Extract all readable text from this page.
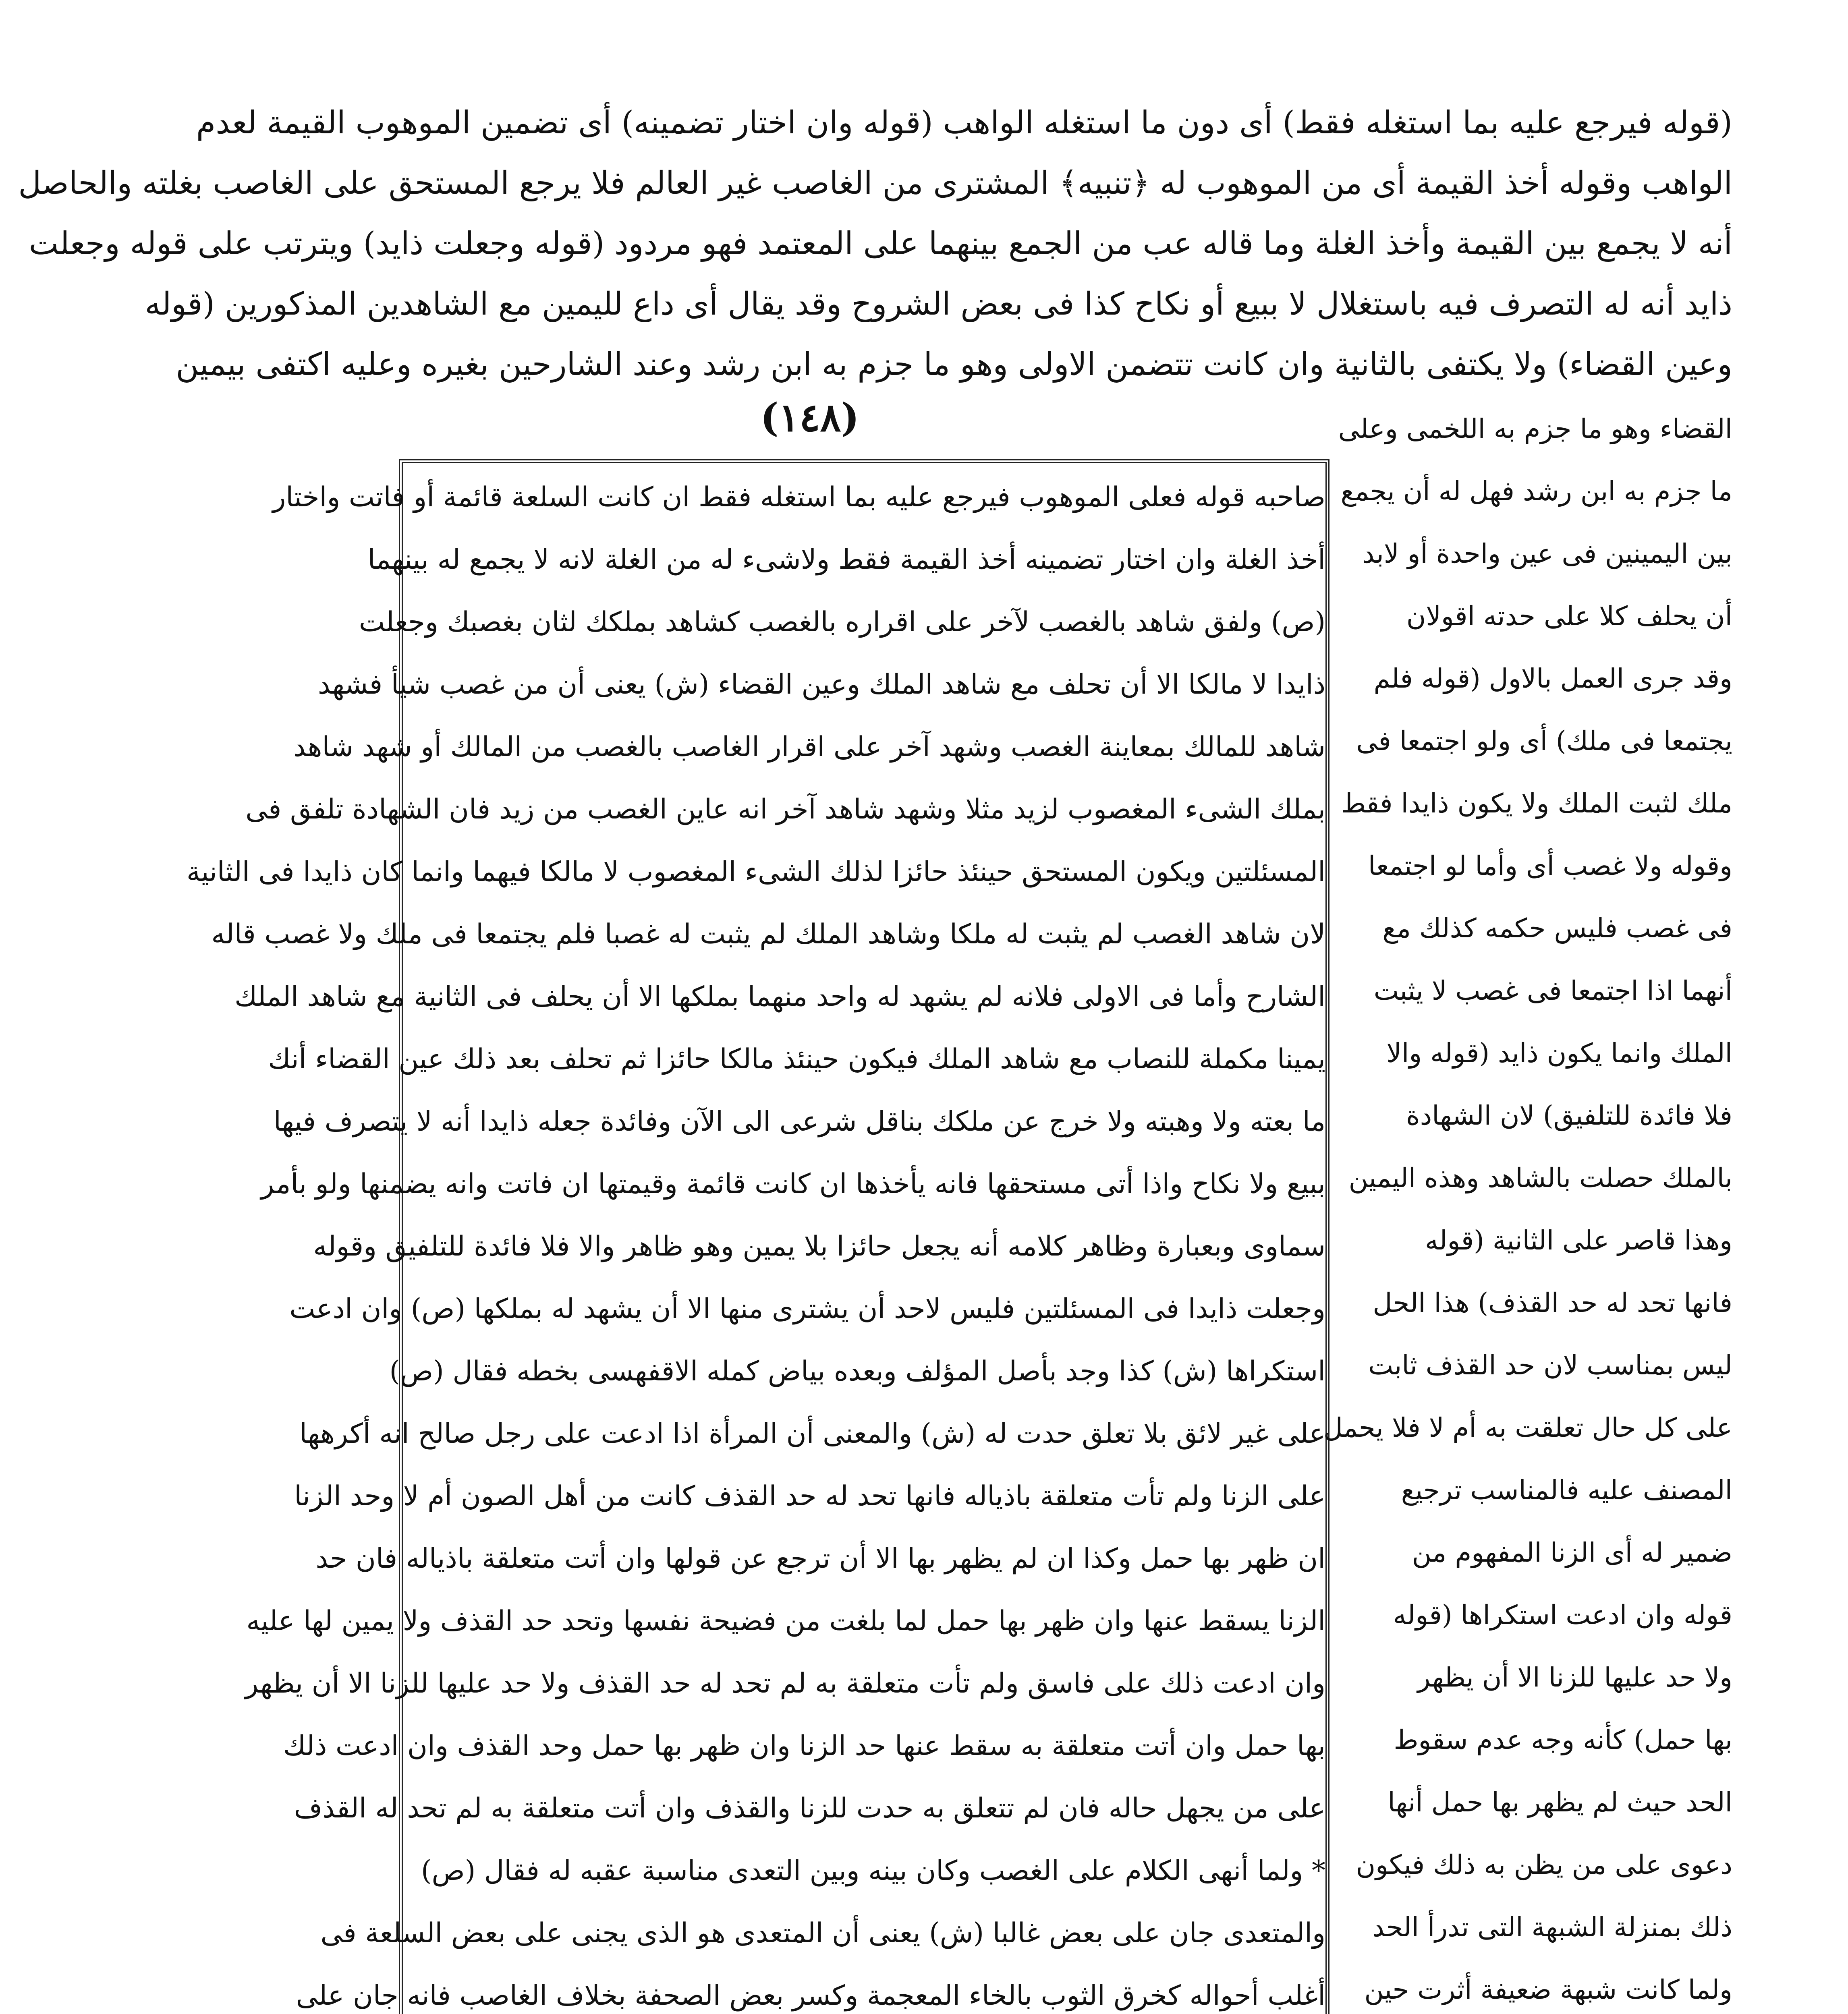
(قوله فيرجع عليه بما استغله فقط) أى دون ما استغله الواهب (قوله وان اختار تضمينه) أى تضمين الموهوب القيمة لعدم
الواهب وقوله أخذ القيمة أى من الموهوب له ﴿تنبيه﴾ المشترى من الغاصب غير العالم فلا يرجع المستحق على الغاصب بغلته والحاصل
أنه لا يجمع بين القيمة وأخذ الغلة وما قاله عب من الجمع بينهما على المعتمد فهو مردود (قوله وجعلت ذايد) ويترتب على قوله وجعلت
ذايد أنه له التصرف فيه باستغلال لا ببيع أو نكاح كذا فى بعض الشروح وقد يقال أى داع لليمين مع الشاهدين المذكورين (قوله
وعين القضاء) ولا يكتفى بالثانية وان كانت تتضمن الاولى وهو ما جزم به ابن رشد وعند الشارحين بغيره وعليه اكتفى بيمين
(١٤٨)
صاحبه قوله فعلى الموهوب فيرجع عليه بما استغله فقط ان كانت السلعة قائمة أو فاتت واختار
أخذ الغلة وان اختار تضمينه أخذ القيمة فقط ولاشىء له من الغلة لانه لا يجمع له بينهما
(ص) ولفق شاهد بالغصب لآخر على اقراره بالغصب كشاهد بملكك لثان بغصبك وجعلت
ذايدا لا مالكا الا أن تحلف مع شاهد الملك وعين القضاء (ش) يعنى أن من غصب شيأ فشهد
شاهد للمالك بمعاينة الغصب وشهد آخر على اقرار الغاصب بالغصب من المالك أو شهد شاهد
بملك الشىء المغصوب لزيد مثلا وشهد شاهد آخر انه عاين الغصب من زيد فان الشهادة تلفق فى
المسئلتين ويكون المستحق حينئذ حائزا لذلك الشىء المغصوب لا مالكا فيهما وانما كان ذايدا فى الثانية
لان شاهد الغصب لم يثبت له ملكا وشاهد الملك لم يثبت له غصبا فلم يجتمعا فى ملك ولا غصب قاله
الشارح وأما فى الاولى فلانه لم يشهد له واحد منهما بملكها الا أن يحلف فى الثانية مع شاهد الملك
يمينا مكملة للنصاب مع شاهد الملك فيكون حينئذ مالكا حائزا ثم تحلف بعد ذلك عين القضاء أنك
ما بعته ولا وهبته ولا خرج عن ملكك بناقل شرعى الى الآن وفائدة جعله ذايدا أنه لا يتصرف فيها
ببيع ولا نكاح واذا أتى مستحقها فانه يأخذها ان كانت قائمة وقيمتها ان فاتت وانه يضمنها ولو بأمر
سماوى وبعبارة وظاهر كلامه أنه يجعل حائزا بلا يمين وهو ظاهر والا فلا فائدة للتلفيق وقوله
وجعلت ذايدا فى المسئلتين فليس لاحد أن يشترى منها الا أن يشهد له بملكها (ص) وان ادعت
استكراها (ش) كذا وجد بأصل المؤلف وبعده بياض كمله الاقفهسى بخطه فقال (ص)
على غير لائق بلا تعلق حدت له (ش) والمعنى أن المرأة اذا ادعت على رجل صالح انه أكرهها
على الزنا ولم تأت متعلقة باذياله فانها تحد له حد القذف كانت من أهل الصون أم لا وحد الزنا
ان ظهر بها حمل وكذا ان لم يظهر بها الا أن ترجع عن قولها وان أتت متعلقة باذياله فان حد
الزنا يسقط عنها وان ظهر بها حمل لما بلغت من فضيحة نفسها وتحد حد القذف ولا يمين لها عليه
وان ادعت ذلك على فاسق ولم تأت متعلقة به لم تحد له حد القذف ولا حد عليها للزنا الا أن يظهر
بها حمل وان أتت متعلقة به سقط عنها حد الزنا وان ظهر بها حمل وحد القذف وان ادعت ذلك
على من يجهل حاله فان لم تتعلق به حدت للزنا والقذف وان أتت متعلقة به لم تحد له القذف
* ولما أنهى الكلام على الغصب وكان بينه وبين التعدى مناسبة عقبه له فقال (ص)
والمتعدى جان على بعض غالبا (ش) يعنى أن المتعدى هو الذى يجنى على بعض السلعة فى
أغلب أحواله كخرق الثوب بالخاء المعجمة وكسر بعض الصحفة بخلاف الغاصب فانه جان على
القضاء وهو ما جزم به اللخمى وعلى
ما جزم به ابن رشد فهل له أن يجمع
بين اليمينين فى عين واحدة أو لابد
أن يحلف كلا على حدته اقولان
وقد جرى العمل بالاول (قوله فلم
يجتمعا فى ملك) أى ولو اجتمعا فى
ملك لثبت الملك ولا يكون ذايدا فقط
وقوله ولا غصب أى وأما لو اجتمعا
فى غصب فليس حكمه كذلك مع
أنهما اذا اجتمعا فى غصب لا يثبت
الملك وانما يكون ذايد (قوله والا
فلا فائدة للتلفيق) لان الشهادة
بالملك حصلت بالشاهد وهذه اليمين
وهذا قاصر على الثانية (قوله
فانها تحد له حد القذف) هذا الحل
ليس بمناسب لان حد القذف ثابت
على كل حال تعلقت به أم لا فلا يحمل
المصنف عليه فالمناسب ترجيع
ضمير له أى الزنا المفهوم من
قوله وان ادعت استكراها (قوله
ولا حد عليها للزنا الا أن يظهر
بها حمل) كأنه وجه عدم سقوط
الحد حيث لم يظهر بها حمل أنها
دعوى على من يظن به ذلك فيكون
ذلك بمنزلة الشبهة التى تدرأ الحد
ولما كانت شبهة ضعيفة أثرت حين
